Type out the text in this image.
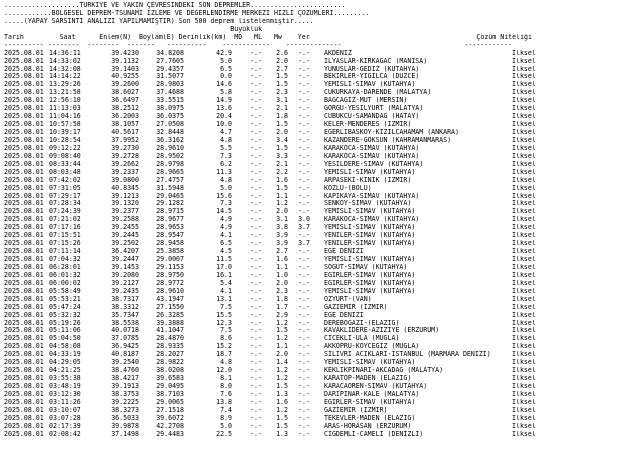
...................TÜRKİYE VE YAKIN ÇEVRESİNDEKİ SON DEPREMLER........................
............BÖLGESEL DEPREM-TSUNAMI İZLEME VE DEĞERLENDİRME MERKEZİ HIZLI ÇÖZÜMLERİ.........
.....(YAPAY SARSINTI ANALİZİ YAPILMAMIŞTIR) Son 500 deprem listelenmiştir.....
Büyüklük
Tarih         Saat      Enlem(N)  Boylam(E) Derinlik(km)  MD   ML   Mw    Yer                                          Çözüm Niteliği
---------- --------  --------  -------   ----------    ------------    --------------                               ------------
2025.08.01 14:36:11	39.4230	34.8208	42.9	-.- 2.6 -.- AKDENIZ	İlksel
2025.08.01 14:33:02	39.1132	27.7605	5.0	-.- 2.0 -.- ILYASLAR-KIRKAGAC (MANISA)	İlksel
2025.08.01 14:32:08	39.1403	29.4357	6.5	-.- 2.7 -.- YUNUSLAR-GEDIZ (KUTAHYA)	İlksel
2025.08.01 14:14:22	40.9255	31.5077	0.0	-.- 1.5 -.- BEKIRLER-YIGILCA (DUZCE)	İlksel
2025.08.01 13:29:26	39.2600	28.9803	14.6	-.- 1.5 -.- YEMISLI-SIMAV (KUTAHYA)	İlksel
2025.08.01 13:21:58	38.6027	37.4688	5.8	-.- 2.3 -.- CUKURKAYA-DARENDE (MALATYA)	İlksel
2025.08.01 12:56:10	36.6497	33.5515	14.9	-.- 3.1 -.- BAGCAGIZ-MUT (MERSIN)	İlksel
2025.08.01 11:13:03	38.2512	38.0975	13.6	-.- 2.1 -.- GORGU-YESILYURT (MALATYA)	İlksel
2025.08.01 11:04:16	36.2003	36.0375	20.4	-.- 1.8 -.- CUBUKCU-SAMANDAG (HATAY)	İlksel
2025.08.01 10:57:58	38.1057	27.0508	10.0	-.- 1.5 -.- KELER-MENDERES (IZMIR)	İlksel
2025.08.01 10:39:17	40.5617	32.8448	4.7	-.- 2.0 -.- EGERLIBASKOY-KIZILCAHAMAM (ANKARA)	İlksel
2025.08.01 10:28:54	37.9952	36.3162	4.8	-.- 3.4 -.- KAZANDERE-GOKSUN (KAHRAMANMARAS)	İlksel
2025.08.01 09:12:22	39.2730	28.9610	5.5	-.- 1.5 -.- KARAKOCA-SIMAV (KUTAHYA)	İlksel
2025.08.01 09:08:40	39.2728	28.9502	7.3	-.- 3.3 -.- KARAKOCA-SIMAV (KUTAHYA)	İlksel
2025.08.01 08:33:44	39.2662	28.9798	6.2	-.- 2.1 -.- YESILDERE-SIMAV (KUTAHYA)	İlksel
2025.08.01 08:03:48	39.2337	28.9665	11.3	-.- 2.2 -.- YEMISLI-SIMAV (KUTAHYA)	İlksel
2025.08.01 07:42:02	39.0800	27.4757	4.8	-.- 1.6 -.- ARPASEKI-KINIK (IZMIR)	İlksel
2025.08.01 07:31:05	40.8345	31.5948	5.0	-.- 1.5 -.- KOZLU-(BOLU)	İlksel
2025.08.01 07:29:17	39.1213	29.0465	15.6	-.- 1.1 -.- KAPIKAYA-SIMAV (KUTAHYA)	İlksel
2025.08.01 07:28:34	39.1320	29.1282	7.3	-.- 1.2 -.- SENKOY-SIMAV (KUTAHYA)	İlksel
2025.08.01 07:24:39	39.2377	28.9715	14.5	-.- 2.0 -.- YEMISLI-SIMAV (KUTAHYA)	İlksel
2025.08.01 07:21:02	39.2588	28.9677	4.9	-.- 3.1 3.0 KARAKOCA-SIMAV (KUTAHYA)	İlksel
2025.08.01 07:17:16	39.2455	28.9653	4.9	-.- 3.8 3.7 YEMISLI-SIMAV (KUTAHYA)	İlksel
2025.08.01 07:15:51	39.2445	28.9547	4.1	-.- 3.9 -.- YENILER-SIMAV (KUTAHYA)	İlksel
2025.08.01 07:15:26	39.2502	28.9458	6.5	-.- 3.9 3.7 YENILER-SIMAV (KUTAHYA)	İlksel
2025.08.01 07:11:14	36.4207	25.3858	4.5	-.- 2.7 -.- EGE DENIZI	İlksel
2025.08.01 07:04:32	39.2447	29.0007	11.5	-.- 1.6 -.- YEMISLI-SIMAV (KUTAHYA)	İlksel
2025.08.01 06:28:01	39.1453	29.1153	17.0	-.- 1.1 -.- SOGUT-SIMAV (KUTAHYA)	İlksel
2025.08.01 06:01:32	39.2080	28.9750	16.1	-.- 1.0 -.- EGIRLER-SIMAV (KUTAHYA)	İlksel
2025.08.01 06:00:02	39.2127	28.9772	5.4	-.- 2.0 -.- EGIRLER-SIMAV (KUTAHYA)	İlksel
2025.08.01 05:58:49	39.2435	28.9610	4.1	-.- 2.3 -.- YEMISLI-SIMAV (KUTAHYA)	İlksel
2025.08.01 05:53:21	38.7317	43.1947	13.1	-.- 1.8 -.- OZYURT-(VAN)	İlksel
2025.08.01 05:47:24	38.3312	27.1550	7.5	-.- 1.7 -.- GAZIEMIR (IZMIR)	İlksel
2025.08.01 05:32:32	35.7347	26.3285	15.5	-.- 2.9 -.- EGE DENIZI	İlksel
2025.08.01 05:19:26	38.5538	39.3888	12.3	-.- 1.2 -.- DEREBOGAZI-(ELAZIG)	İlksel
2025.08.01 05:11:06	40.0718	41.1047	7.5	-.- 1.5 -.- KAVAKLIDERE-AZIZIYE (ERZURUM)	İlksel
2025.08.01 05:04:50	37.0785	28.4870	8.6	-.- 1.2 -.- CICEKLI-ULA (MUGLA)	İlksel
2025.08.01 04:58:08	36.9425	28.9335	15.2	-.- 1.1 -.- AKKOPRU-KOYCEGIZ (MUGLA)	İlksel
2025.08.01 04:33:19	40.8187	28.2027	18.7	-.- 2.0 -.- SILIVRI ACIKLARI-ISTANBUL (MARMARA DENIZI)	İlksel
2025.08.01 04:29:05	39.2540	28.9822	4.8	-.- 1.4 -.- YEMISLI-SIMAV (KUTAHYA)	İlksel
2025.08.01 04:21:25	38.4760	38.0208	12.0	-.- 1.2 -.- KEKLIKPINARI-AKCADAG (MALATYA)	İlksel
2025.08.01 03:55:38	38.4217	39.6583	8.1	-.- 1.2 -.- KARATOP-MADEN (ELAZIG)	İlksel
2025.08.01 03:48:19	39.1913	29.0495	8.0	-.- 1.5 -.- KARACAOREN-SIMAV (KUTAHYA)	İlksel
2025.08.01 03:12:30	38.3753	38.7103	7.6	-.- 1.3 -.- DARIPINAR-KALE (MALATYA)	İlksel
2025.08.01 03:11:26	39.2225	29.0065	13.8	-.- 1.6 -.- EGIRLER-SIMAV (KUTAHYA)	İlksel
2025.08.01 03:10:07	38.3273	27.1518	7.4	-.- 1.2 -.- GAZIEMIR (IZMIR)	İlksel
2025.08.01 03:07:28	36.5033	39.6072	8.9	-.- 1.5 -.- TEKEVLER-MADEN (ELAZIG)	İlksel
2025.08.01 02:17:39	39.9878	42.2708	5.0	-.- 1.5 -.- ARAS-HORASAN (ERZURUM)	İlksel
2025.08.01 02:08:42	37.1498	29.4483	22.5	-.- 1.3 -.- CIGDEMLI-CAMELI (DENIZLI)	İlksel
